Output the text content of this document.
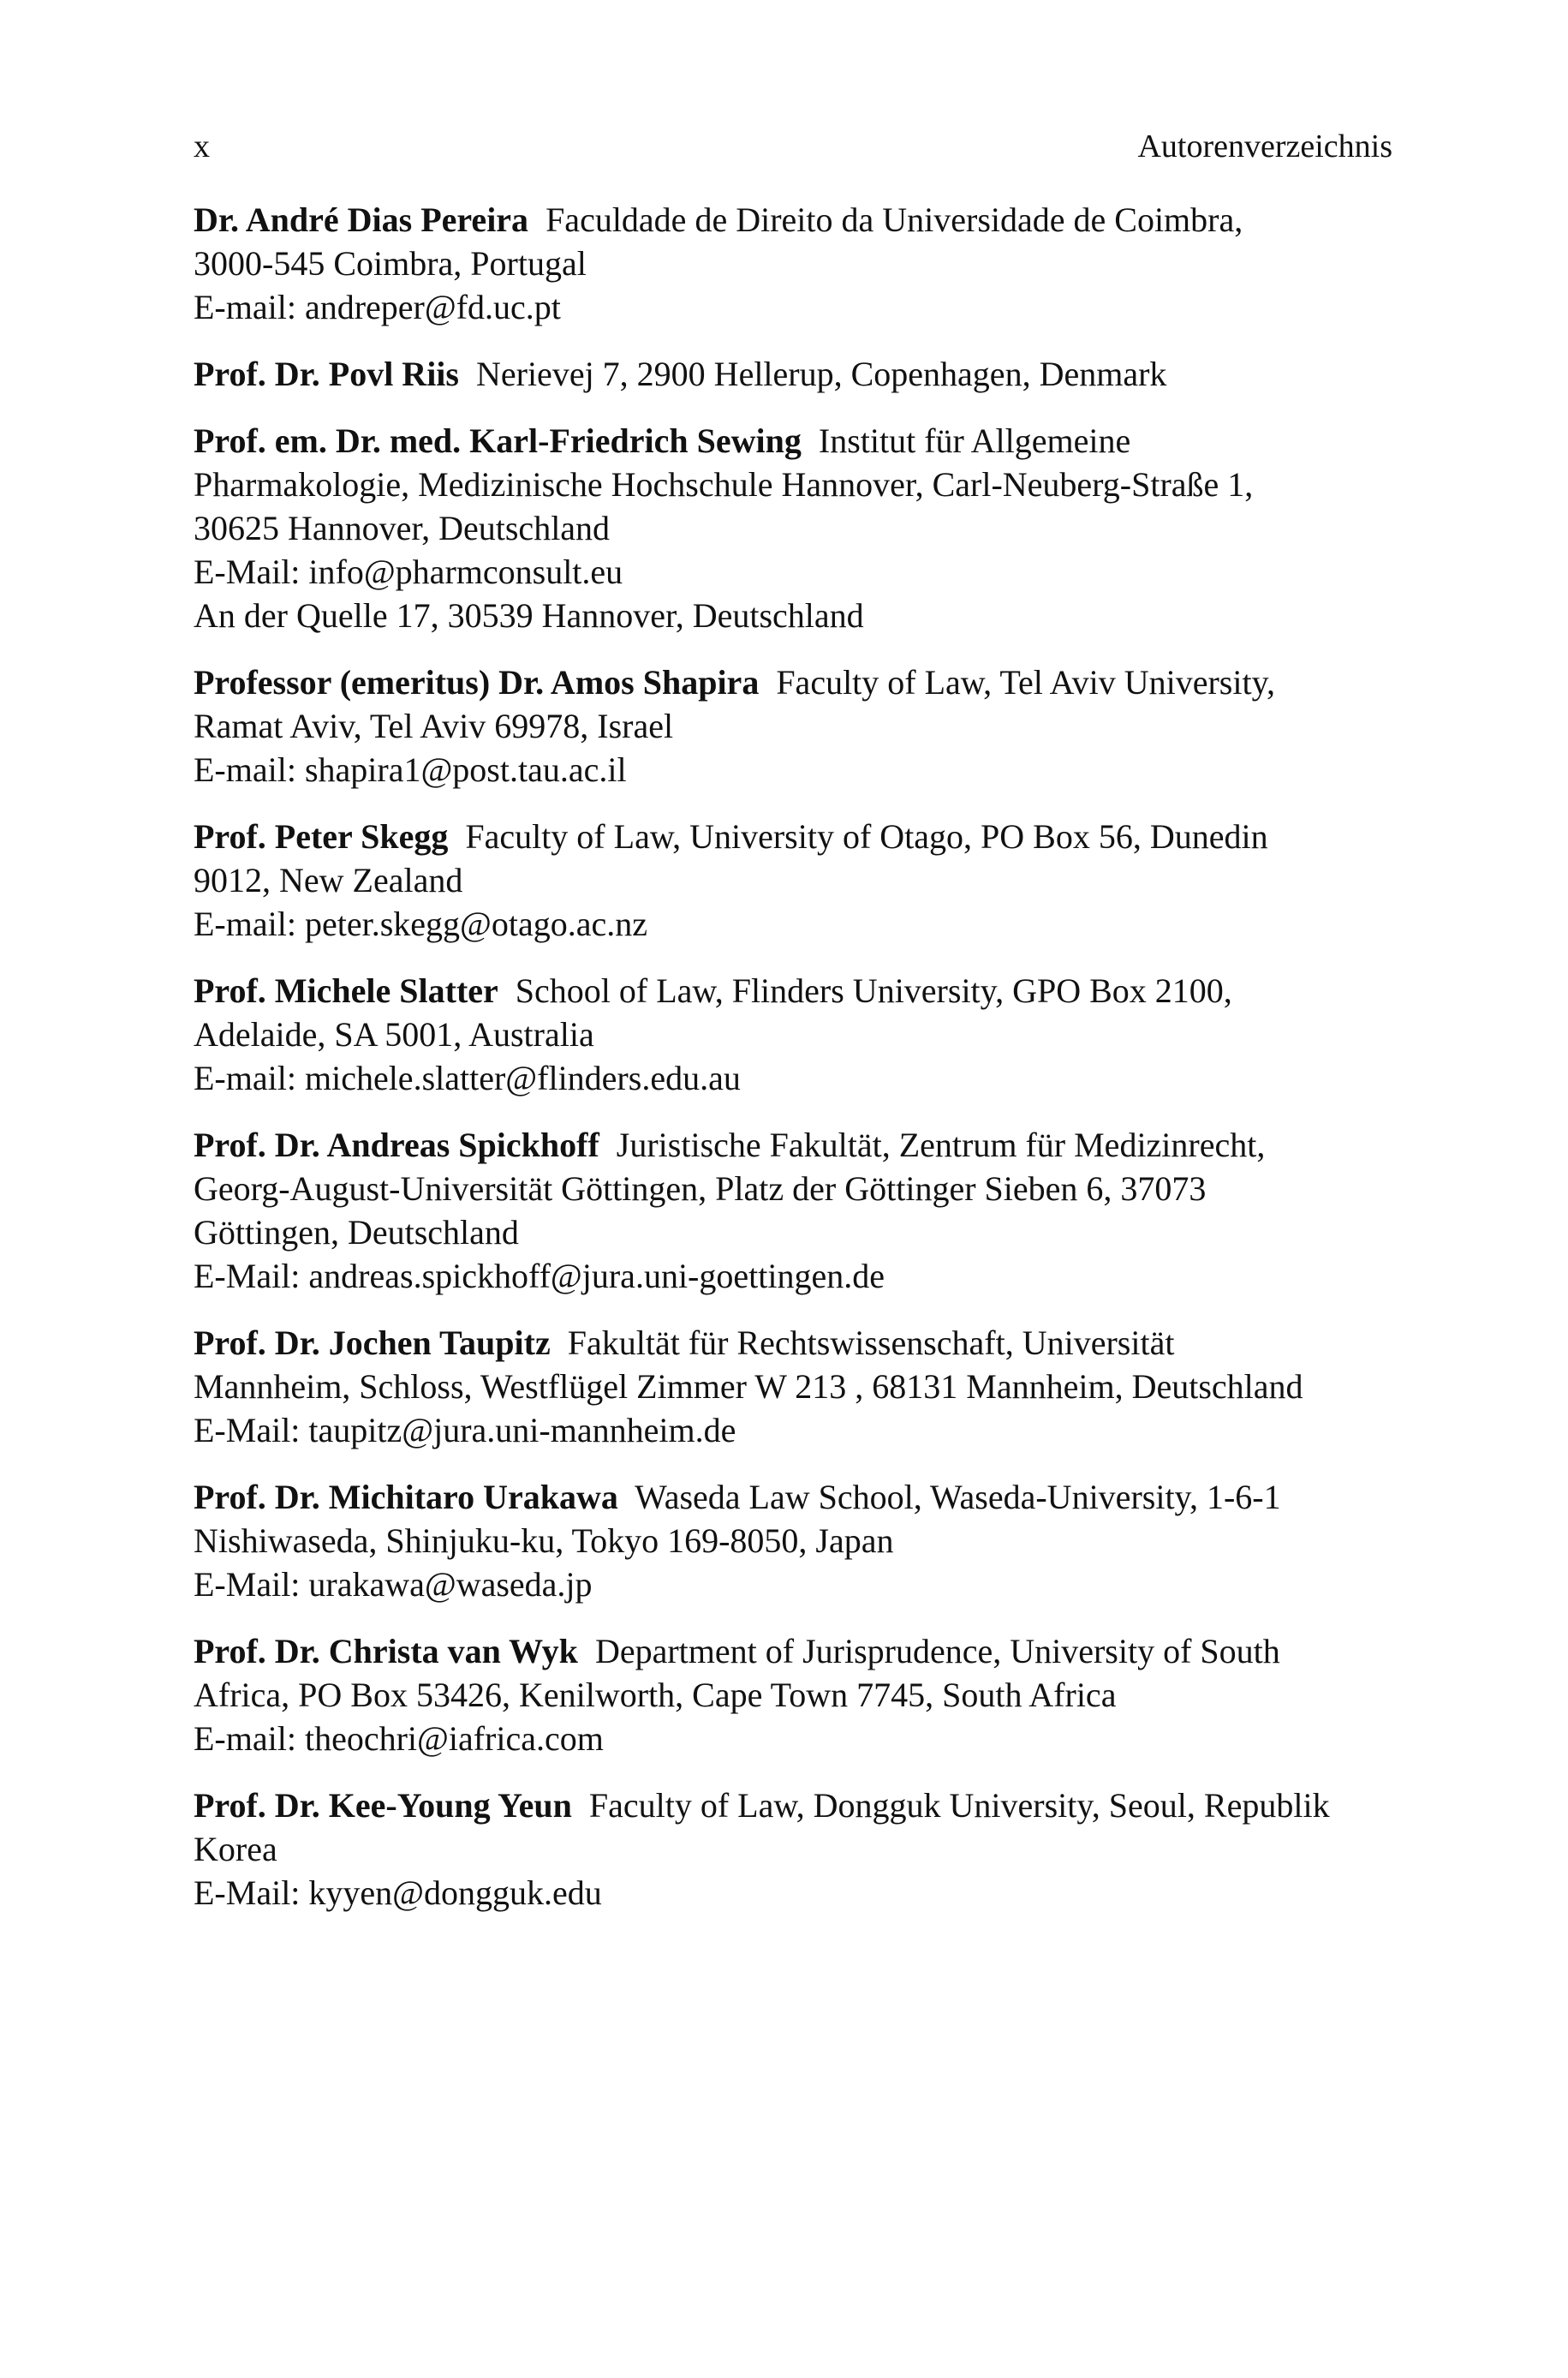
x	Autorenverzeichnis
Dr. André Dias Pereira Faculdade de Direito da Universidade de Coimbra,
3000-545 Coimbra, Portugal
E-mail: andreper@fd.uc.pt
Prof. Dr. Povl Riis Nerievej 7, 2900 Hellerup, Copenhagen, Denmark
Prof. em. Dr. med. Karl-Friedrich Sewing Institut für Allgemeine
Pharmakologie, Medizinische Hochschule Hannover, Carl-Neuberg-Straße 1,
30625 Hannover, Deutschland
E-Mail: info@pharmconsult.eu
An der Quelle 17, 30539 Hannover, Deutschland
Professor (emeritus) Dr. Amos Shapira Faculty of Law, Tel Aviv University,
Ramat Aviv, Tel Aviv 69978, Israel
E-mail: shapira1@post.tau.ac.il
Prof. Peter Skegg Faculty of Law, University of Otago, PO Box 56, Dunedin
9012, New Zealand
E-mail: peter.skegg@otago.ac.nz
Prof. Michele Slatter School of Law, Flinders University, GPO Box 2100,
Adelaide, SA 5001, Australia
E-mail: michele.slatter@flinders.edu.au
Prof. Dr. Andreas Spickhoff Juristische Fakultät, Zentrum für Medizinrecht,
Georg-August-Universität Göttingen, Platz der Göttinger Sieben 6, 37073
Göttingen, Deutschland
E-Mail: andreas.spickhoff@jura.uni-goettingen.de
Prof. Dr. Jochen Taupitz Fakultät für Rechtswissenschaft, Universität
Mannheim, Schloss, Westflügel Zimmer W 213 , 68131 Mannheim, Deutschland
E-Mail: taupitz@jura.uni-mannheim.de
Prof. Dr. Michitaro Urakawa Waseda Law School, Waseda-University, 1-6-1
Nishiwaseda, Shinjuku-ku, Tokyo 169-8050, Japan
E-Mail: urakawa@waseda.jp
Prof. Dr. Christa van Wyk Department of Jurisprudence, University of South
Africa, PO Box 53426, Kenilworth, Cape Town 7745, South Africa
E-mail: theochri@iafrica.com
Prof. Dr. Kee-Young Yeun Faculty of Law, Dongguk University, Seoul, Republik
Korea
E-Mail: kyyen@dongguk.edu
